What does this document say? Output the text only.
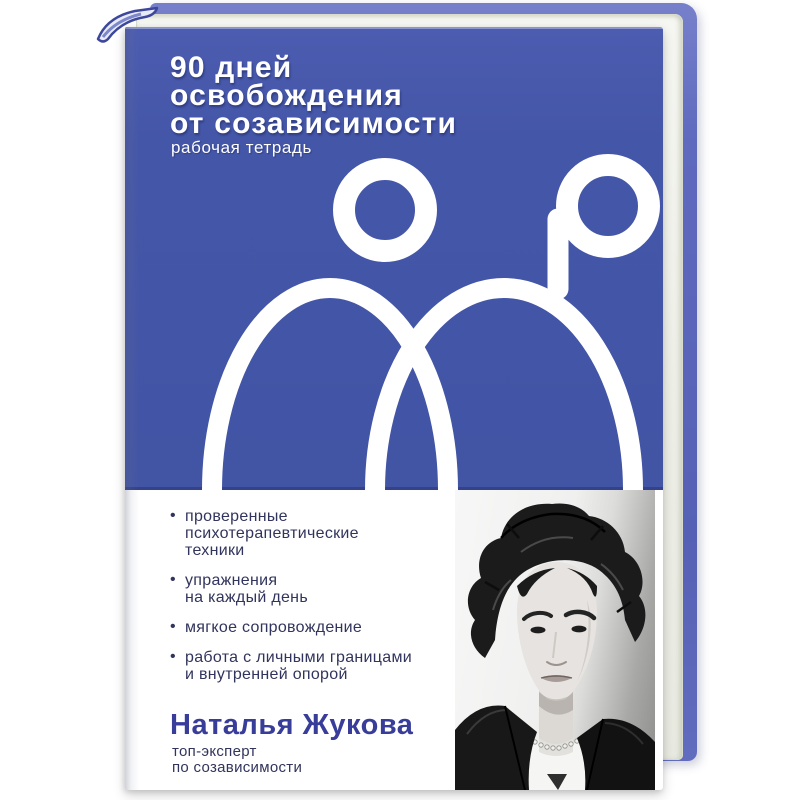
90 дней
освобождения
от созависимости
рабочая тетрадь
• проверенные
психотерапевтические
техники
• упражнения
на каждый день
• мягкое сопровождение
• работа с личными границами
и внутренней опорой
Наталья Жукова
топ-эксперт
по созависимости
